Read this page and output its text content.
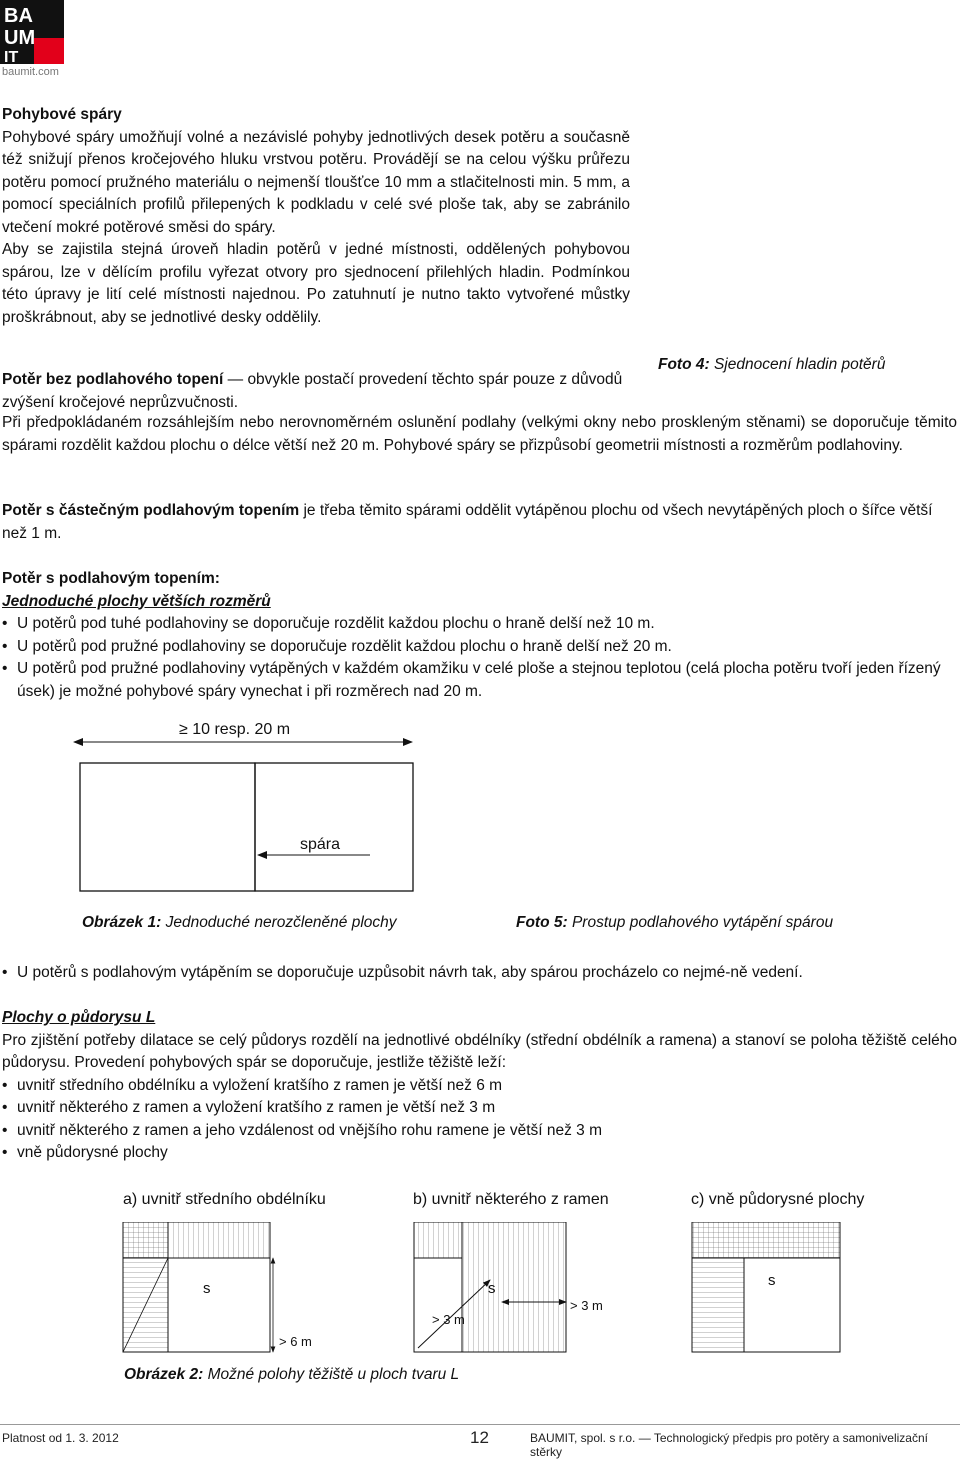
BA
UM
IT
baumit.com

Pohybové spáry

Pohybové spáry umožňují volné a nezávislé pohyby jednotlivých desek potěru a současně též snižují přenos kročejového hluku vrstvou potěru. Provádějí se na celou výšku průřezu potěru pomocí pružného materiálu o nejmenší tloušťce 10 mm a stlačitelnosti min. 5 mm, a pomocí speciálních profilů přilepených k podkladu v celé své ploše tak, aby se zabránilo vtečení mokré potěrové směsi do spáry.

Aby se zajistila stejná úroveň hladin potěrů v jedné místnosti, oddělených pohybovou spárou, lze v dělícím profilu vyřezat otvory pro sjednocení přilehlých hladin. Podmínkou této úpravy je lití celé místnosti najednou. Po zatuhnutí je nutno takto vytvořené můstky proškrábnout, aby se jednotlivé desky oddělily.

Foto 4: Sjednocení hladin potěrů

Potěr bez podlahového topení — obvykle postačí provedení těchto spár pouze z důvodů zvýšení kročejové neprůzvučnosti.

Při předpokládaném rozsáhlejším nebo nerovnoměrném oslunění podlahy (velkými okny nebo proskleným stěnami) se doporučuje těmito spárami rozdělit každou plochu o délce větší než 20 m. Pohybové spáry se přizpůsobí geometrii místnosti a rozměrům podlahoviny.

Potěr s částečným podlahovým topením je třeba těmito spárami oddělit vytápěnou plochu od všech nevytápěných ploch o šířce větší než 1 m.

Potěr s podlahovým topením:

Jednoduché plochy větších rozměrů

• U potěrů pod tuhé podlahoviny se doporučuje rozdělit každou plochu o hraně delší než 10 m.
• U potěrů pod pružné podlahoviny se doporučuje rozdělit každou plochu o hraně delší než 20 m.
• U potěrů pod pružné podlahoviny vytápěných v každém okamžiku v celé ploše a stejnou teplotou (celá plocha potěru tvoří jeden řízený úsek) je možné pohybové spáry vynechat i při rozměrech nad 20 m.
≥ 10 resp. 20 m
spára
Obrázek 1: Jednoduché nerozčleněné plochy	Foto 5: Prostup podlahového vytápění spárou
• U potěrů s podlahovým vytápěním se doporučuje uzpůsobit návrh tak, aby spárou procházelo co nejmé-ně vedení.

Plochy o půdorysu L

Pro zjištění potřeby dilatace se celý půdorys rozdělí na jednotlivé obdélníky (střední obdélník a ramena) a stanoví se poloha těžiště celého půdorysu. Provedení pohybových spár se doporučuje, jestliže těžiště leží:

• uvnitř středního obdélníku a vyložení kratšího z ramen je větší než 6 m
• uvnitř některého z ramen a vyložení kratšího z ramen je větší než 3 m
• uvnitř některého z ramen a jeho vzdálenost od vnějšího rohu ramene je větší než 3 m
• vně půdorysné plochy
a) uvnitř středního obdélníku	b) uvnitř některého z ramen	c) vně půdorysné plochy
s
> 6 m
s
> 3 m
> 3 m
s
Obrázek 2: Možné polohy těžiště u ploch tvaru L
Platnost od 1. 3. 2012	12	BAUMIT, spol. s r.o. — Technologický předpis pro potěry a samonivelizační stěrky
